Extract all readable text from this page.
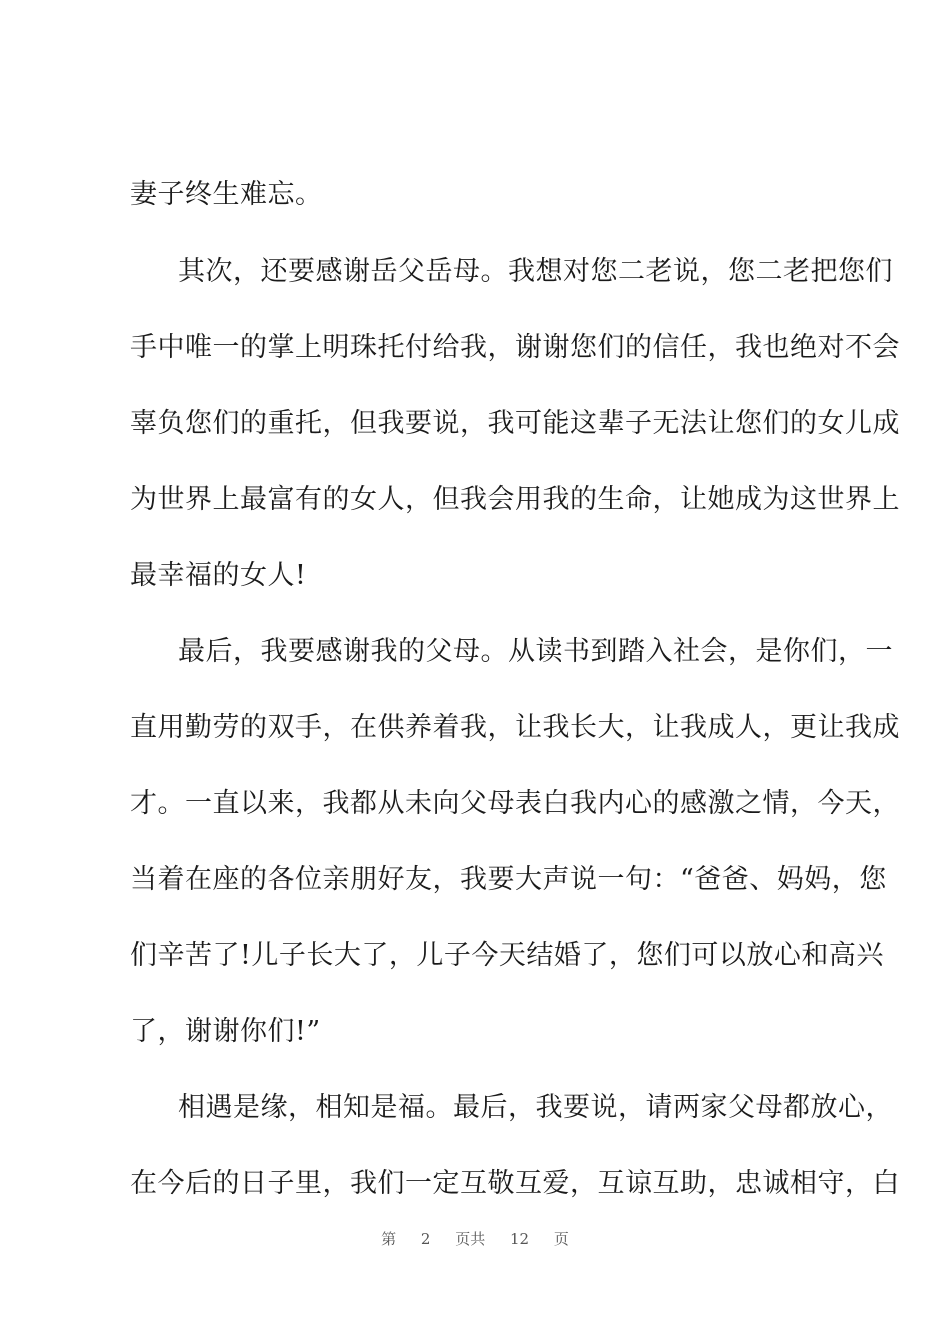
妻子终生难忘。
其次，还要感谢岳父岳母。我想对您二老说，您二老把您们
手中唯一的掌上明珠托付给我，谢谢您们的信任，我也绝对不会
辜负您们的重托，但我要说，我可能这辈子无法让您们的女儿成
为世界上最富有的女人，但我会用我的生命，让她成为这世界上
最幸福的女人!
最后，我要感谢我的父母。从读书到踏入社会，是你们，一
直用勤劳的双手，在供养着我，让我长大，让我成人，更让我成
才。一直以来，我都从未向父母表白我内心的感激之情，今天，
当着在座的各位亲朋好友，我要大声说一句：“爸爸、妈妈，您
们辛苦了!儿子长大了，儿子今天结婚了，您们可以放心和高兴
了，谢谢你们!”
相遇是缘，相知是福。最后，我要说，请两家父母都放心，
在今后的日子里，我们一定互敬互爱，互谅互助，忠诚相守，白
第 2 页共 12 页
